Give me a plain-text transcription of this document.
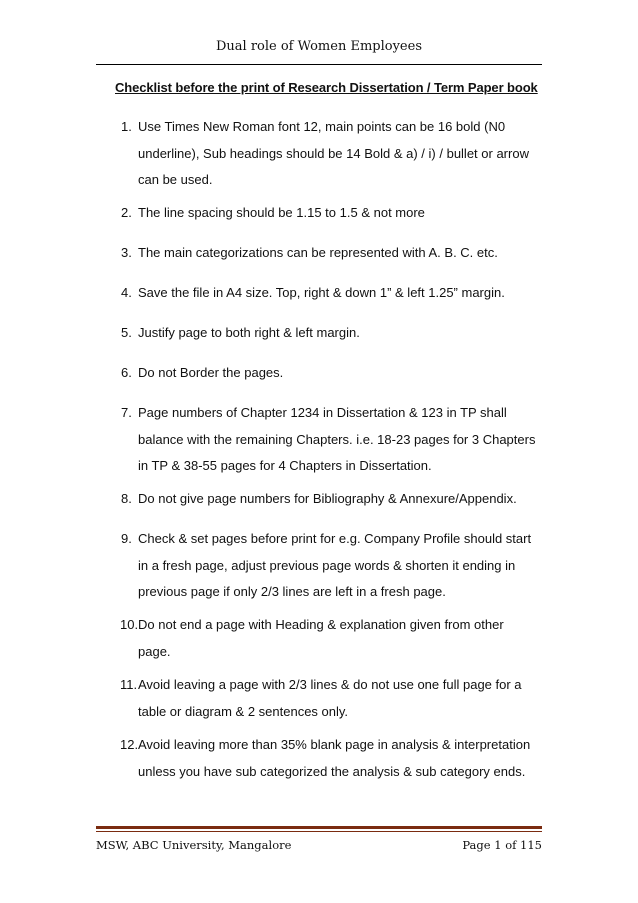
Dual role of Women Employees
Checklist before the print of Research Dissertation / Term Paper book
1. Use Times New Roman font 12, main points can be 16 bold (N0
underline), Sub headings should be 14 Bold & a) / i) / bullet or arrow
can be used.
2. The line spacing should be 1.15 to 1.5 & not more
3. The main categorizations can be represented with A. B. C. etc.
4. Save the file in A4 size. Top, right & down 1” & left 1.25” margin.
5. Justify page to both right & left margin.
6. Do not Border the pages.
7. Page numbers of Chapter 1234 in Dissertation & 123 in TP shall
balance with the remaining Chapters. i.e. 18-23 pages for 3 Chapters
in TP & 38-55 pages for 4 Chapters in Dissertation.
8. Do not give page numbers for Bibliography & Annexure/Appendix.
9. Check & set pages before print for e.g. Company Profile should start
in a fresh page, adjust previous page words & shorten it ending in
previous page if only 2/3 lines are left in a fresh page.
10. Do not end a page with Heading & explanation given from other
page.
11. Avoid leaving a page with 2/3 lines & do not use one full page for a
table or diagram & 2 sentences only.
12. Avoid leaving more than 35% blank page in analysis & interpretation
unless you have sub categorized the analysis & sub category ends.
MSW, ABC University, Mangalore	Page 1 of 115
